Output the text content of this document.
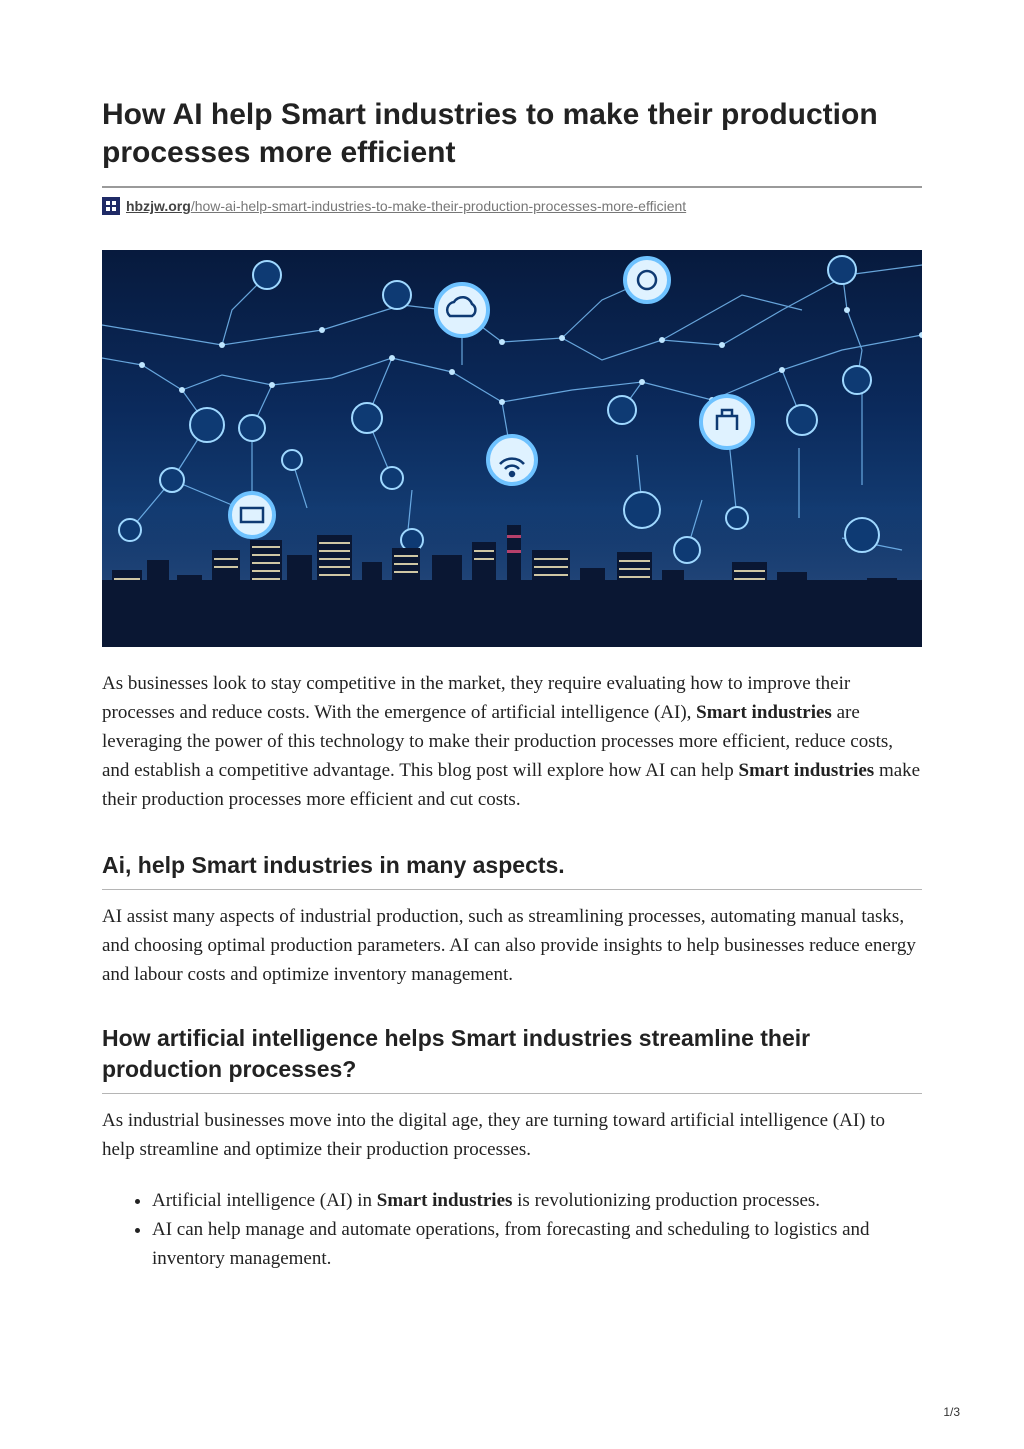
How AI help Smart industries to make their production processes more efficient
hbzjw.org /how-ai-help-smart-industries-to-make-their-production-processes-more-efficient

As businesses look to stay competitive in the market, they require evaluating how to improve their processes and reduce costs. With the emergence of artificial intelligence (AI), Smart industries are leveraging the power of this technology to make their production processes more efficient, reduce costs, and establish a competitive advantage. This blog post will explore how AI can help Smart industries make their production processes more efficient and cut costs.

Ai, help Smart industries in many aspects.

AI assist many aspects of industrial production, such as streamlining processes, automating manual tasks, and choosing optimal production parameters. AI can also provide insights to help businesses reduce energy and labour costs and optimize inventory management.

How artificial intelligence helps Smart industries streamline their production processes?

As industrial businesses move into the digital age, they are turning toward artificial intelligence (AI) to help streamline and optimize their production processes.

• Artificial intelligence (AI) in Smart industries is revolutionizing production processes.
• AI can help manage and automate operations, from forecasting and scheduling to logistics and inventory management.
1/3
